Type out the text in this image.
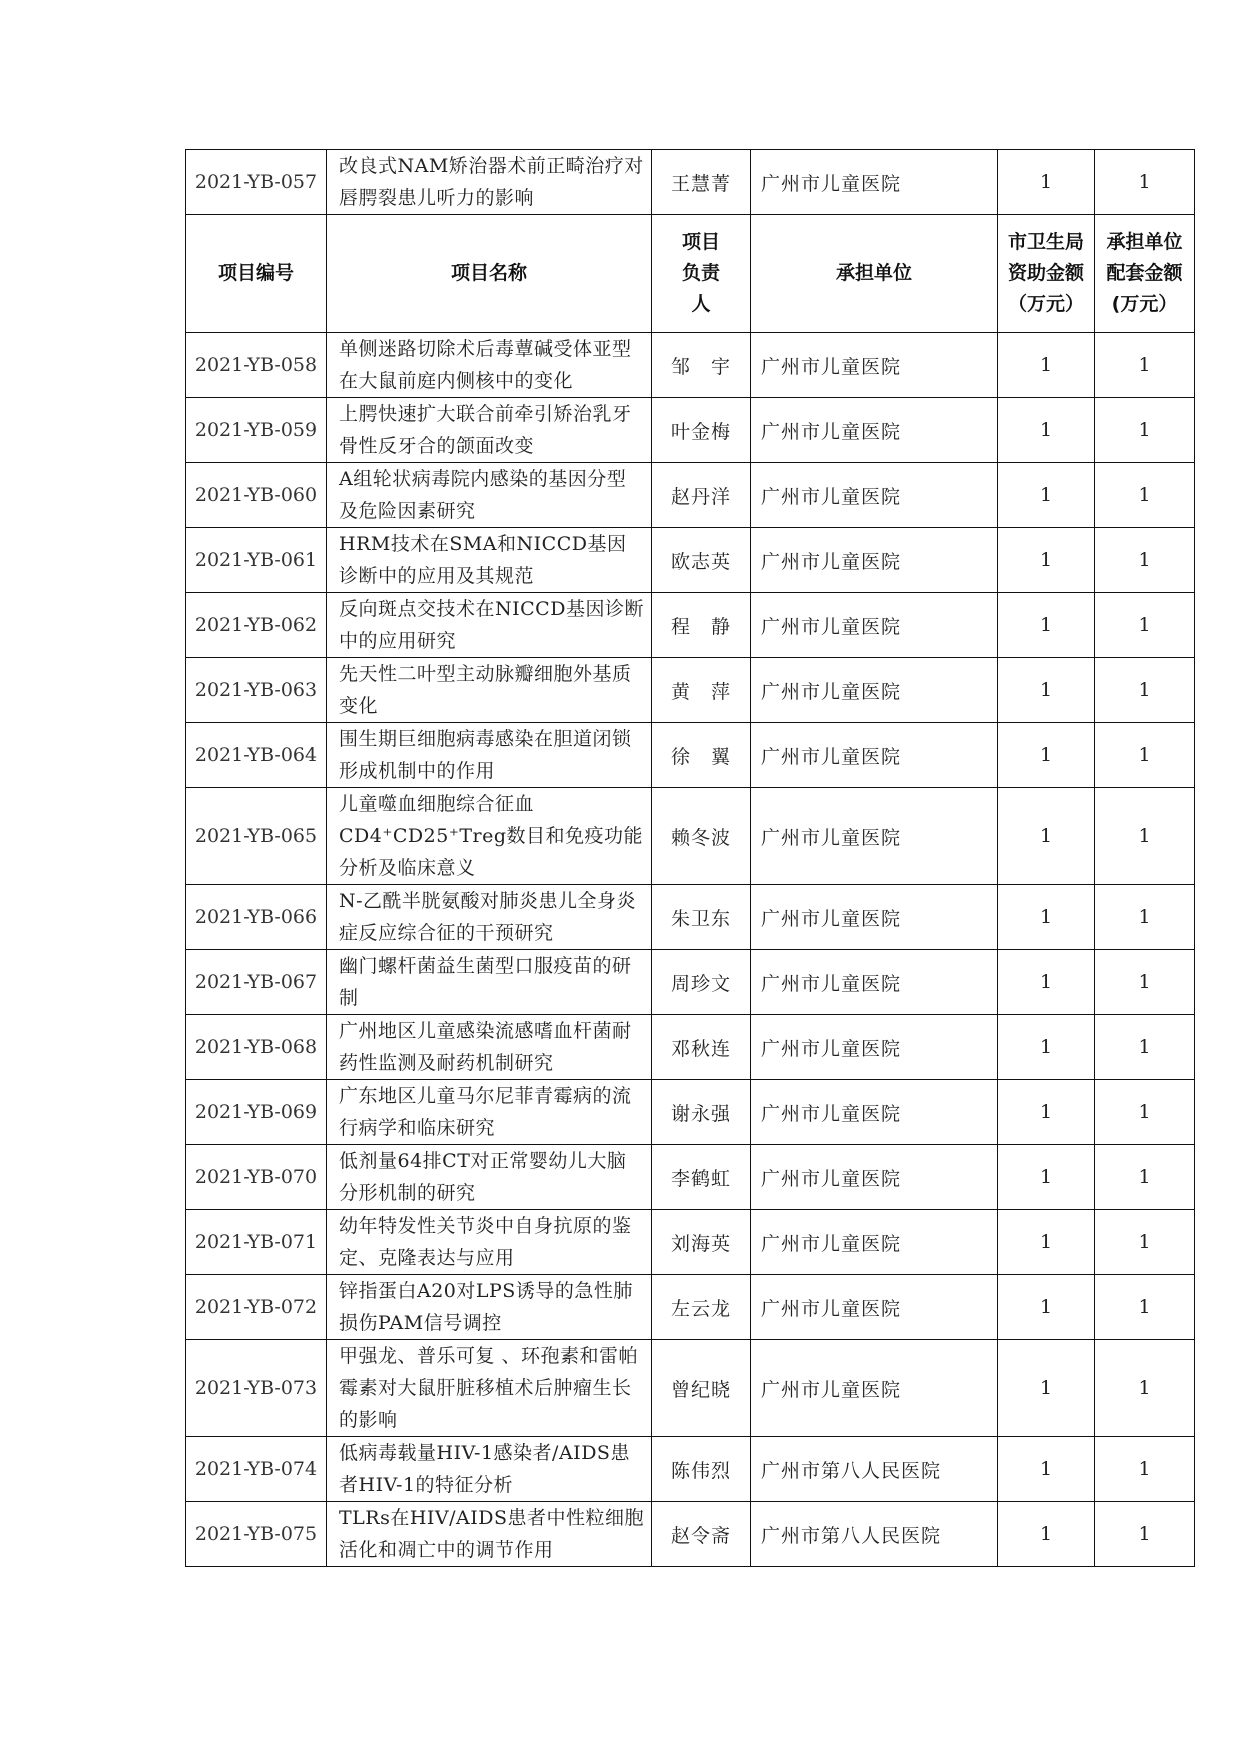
2021-YB-057	改良式NAM矫治器术前正畸治疗对唇腭裂患儿听力的影响	王慧菁	广州市儿童医院	1	1
项目编号	项目名称	项目负责人	承担单位	市卫生局资助金额（万元）	承担单位配套金额(万元）
2021-YB-058	单侧迷路切除术后毒蕈碱受体亚型在大鼠前庭内侧核中的变化	邹　宇	广州市儿童医院	1	1
2021-YB-059	上腭快速扩大联合前牵引矫治乳牙骨性反牙合的颌面改变	叶金梅	广州市儿童医院	1	1
2021-YB-060	A组轮状病毒院内感染的基因分型及危险因素研究	赵丹洋	广州市儿童医院	1	1
2021-YB-061	HRM技术在SMA和NICCD基因诊断中的应用及其规范	欧志英	广州市儿童医院	1	1
2021-YB-062	反向斑点交技术在NICCD基因诊断中的应用研究	程　静	广州市儿童医院	1	1
2021-YB-063	先天性二叶型主动脉瓣细胞外基质变化	黄　萍	广州市儿童医院	1	1
2021-YB-064	围生期巨细胞病毒感染在胆道闭锁形成机制中的作用	徐　翼	广州市儿童医院	1	1
2021-YB-065	儿童噬血细胞综合征血CD4⁺CD25⁺Treg数目和免疫功能分析及临床意义	赖冬波	广州市儿童医院	1	1
2021-YB-066	N-乙酰半胱氨酸对肺炎患儿全身炎症反应综合征的干预研究	朱卫东	广州市儿童医院	1	1
2021-YB-067	幽门螺杆菌益生菌型口服疫苗的研制	周珍文	广州市儿童医院	1	1
2021-YB-068	广州地区儿童感染流感嗜血杆菌耐药性监测及耐药机制研究	邓秋连	广州市儿童医院	1	1
2021-YB-069	广东地区儿童马尔尼菲青霉病的流行病学和临床研究	谢永强	广州市儿童医院	1	1
2021-YB-070	低剂量64排CT对正常婴幼儿大脑分形机制的研究	李鹤虹	广州市儿童医院	1	1
2021-YB-071	幼年特发性关节炎中自身抗原的鉴定、克隆表达与应用	刘海英	广州市儿童医院	1	1
2021-YB-072	锌指蛋白A20对LPS诱导的急性肺损伤PAM信号调控	左云龙	广州市儿童医院	1	1
2021-YB-073	甲强龙、普乐可复 、环孢素和雷帕霉素对大鼠肝脏移植术后肿瘤生长的影响	曾纪晓	广州市儿童医院	1	1
2021-YB-074	低病毒载量HIV-1感染者/AIDS患者HIV-1的特征分析	陈伟烈	广州市第八人民医院	1	1
2021-YB-075	TLRs在HIV/AIDS患者中性粒细胞活化和凋亡中的调节作用	赵令斋	广州市第八人民医院	1	1
